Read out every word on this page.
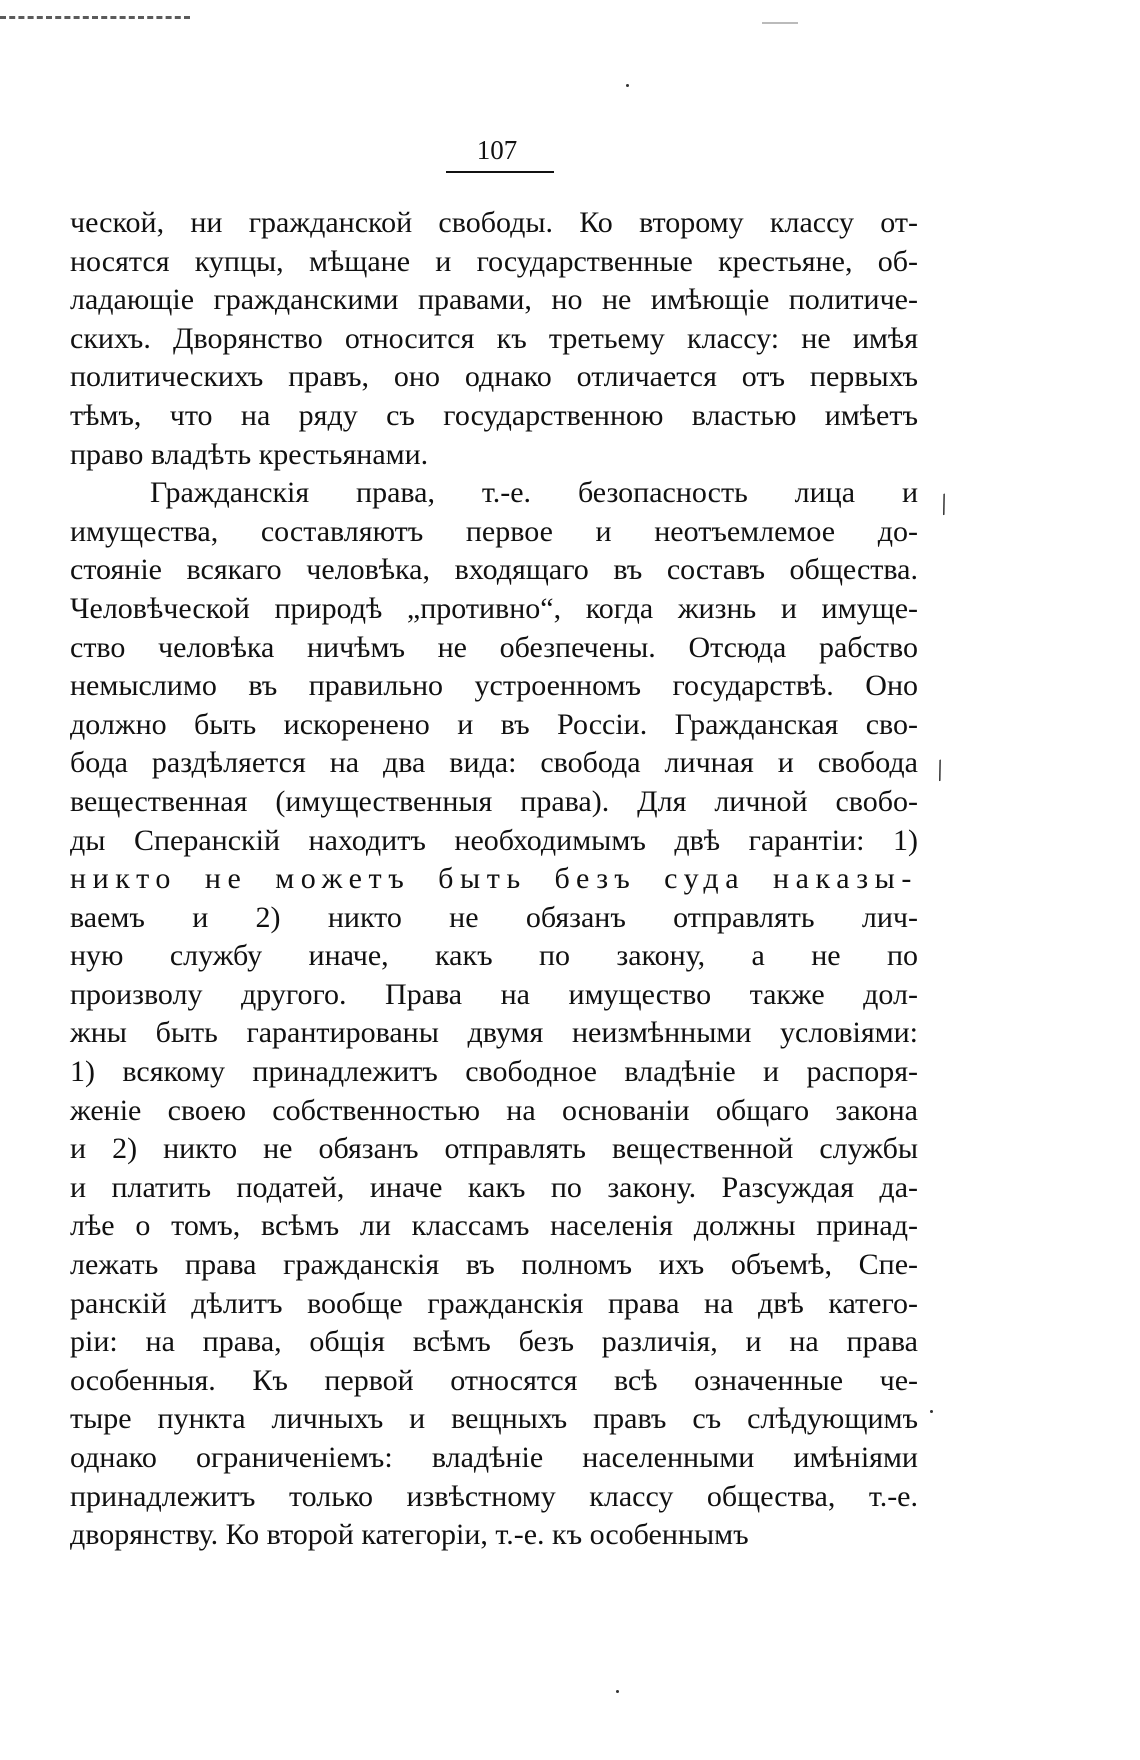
107
ческой, ни гражданской свободы. Ко второму классу от-
носятся купцы, мѣщане и государственные крестьяне, об-
ладающіе гражданскими правами, но не имѣющіе политиче-
скихъ. Дворянство относится къ третьему классу: не имѣя
политическихъ правъ, оно однако отличается отъ первыхъ
тѣмъ, что на ряду съ государственною властью имѣетъ
право владѣть крестьянами.
Гражданскія права, т.-е. безопасность лица и
имущества, составляютъ первое и неотъемлемое до-
стояніе всякаго человѣка, входящаго въ составъ общества.
Человѣческой природѣ „противно“, когда жизнь и имуще-
ство человѣка ничѣмъ не обезпечены. Отсюда рабство
немыслимо въ правильно устроенномъ государствѣ. Оно
должно быть искоренено и въ Россіи. Гражданская сво-
бода раздѣляется на два вида: свобода личная и свобода
вещественная (имущественныя права). Для личной свобо-
ды Сперанскій находитъ необходимымъ двѣ гарантіи: 1)
никто не можетъ быть безъ суда наказы-
ваемъ и 2) никто не обязанъ отправлять лич-
ную службу иначе, какъ по закону, а не по
произволу другого. Права на имущество также дол-
жны быть гарантированы двумя неизмѣнными условіями:
1) всякому принадлежитъ свободное владѣніе и распоря-
женіе своею собственностью на основаніи общаго закона
и 2) никто не обязанъ отправлять вещественной службы
и платить податей, иначе какъ по закону. Разсуждая да-
лѣе о томъ, всѣмъ ли классамъ населенія должны принад-
лежать права гражданскія въ полномъ ихъ объемѣ, Спе-
ранскій дѣлитъ вообще гражданскія права на двѣ катего-
ріи: на права, общія всѣмъ безъ различія, и на права
особенныя. Къ первой относятся всѣ означенные че-
тыре пункта личныхъ и вещныхъ правъ съ слѣдующимъ
однако ограниченіемъ: владѣніе населенными имѣніями
принадлежитъ только извѣстному классу общества, т.-е.
дворянству. Ко второй категоріи, т.-е. къ особеннымъ
/
/
